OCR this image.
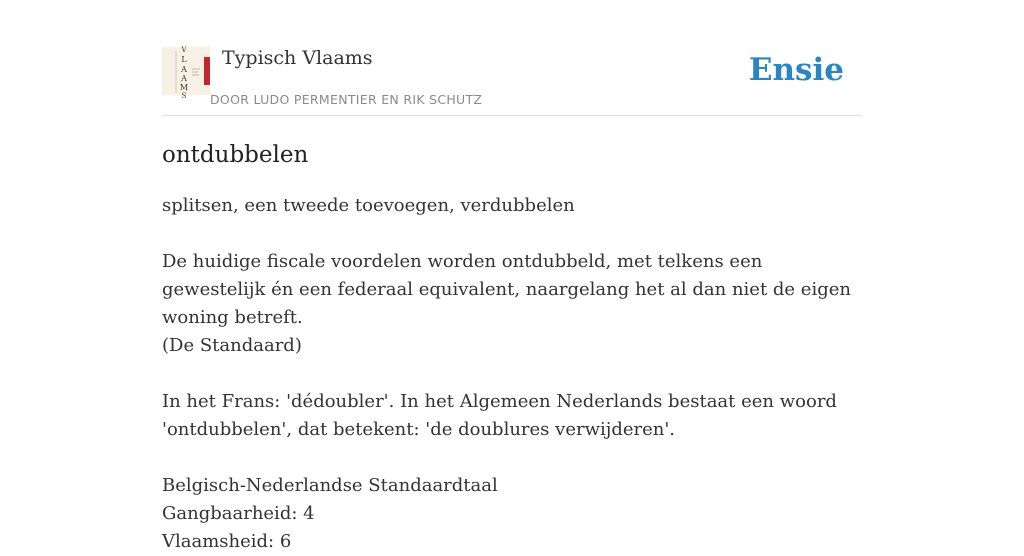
V
L
A
A
M
S
Typisch Vlaams
DOOR LUDO PERMENTIER EN RIK SCHUTZ
Ensie
ontdubbelen

splitsen, een tweede toevoegen, verdubbelen

De huidige fiscale voordelen worden ontdubbeld, met telkens een gewestelijk én een federaal equivalent, naargelang het al dan niet de eigen woning betreft.

(De Standaard)

In het Frans: 'dédoubler'. In het Algemeen Nederlands bestaat een woord 'ontdubbelen', dat betekent: 'de doublures verwijderen'.

Belgisch-Nederlandse Standaardtaal

Gangbaarheid: 4

Vlaamsheid: 6
